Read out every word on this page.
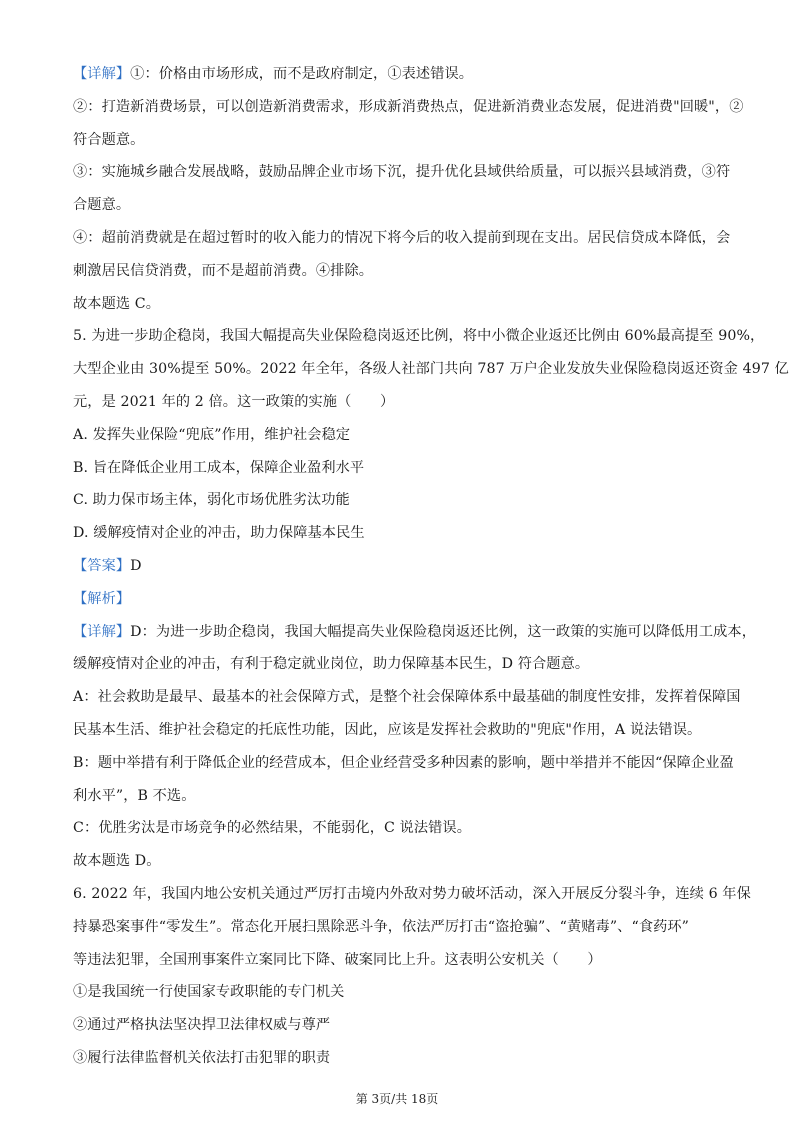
【详解】①：价格由市场形成，而不是政府制定，①表述错误。
②：打造新消费场景，可以创造新消费需求，形成新消费热点，促进新消费业态发展，促进消费"回暖"，②
符合题意。
③：实施城乡融合发展战略，鼓励品牌企业市场下沉，提升优化县域供给质量，可以振兴县域消费，③符
合题意。
④：超前消费就是在超过暂时的收入能力的情况下将今后的收入提前到现在支出。居民信贷成本降低，会
刺激居民信贷消费，而不是超前消费。④排除。
故本题选 C。
5. 为进一步助企稳岗，我国大幅提高失业保险稳岗返还比例，将中小微企业返还比例由 60%最高提至 90%，
大型企业由 30%提至 50%。2022 年全年，各级人社部门共向 787 万户企业发放失业保险稳岗返还资金 497 亿
元，是 2021 年的 2 倍。这一政策的实施（　　）
A. 发挥失业保险“兜底”作用，维护社会稳定
B. 旨在降低企业用工成本，保障企业盈利水平
C. 助力保市场主体，弱化市场优胜劣汰功能
D. 缓解疫情对企业的冲击，助力保障基本民生
【答案】D
【解析】
【详解】D：为进一步助企稳岗，我国大幅提高失业保险稳岗返还比例，这一政策的实施可以降低用工成本，
缓解疫情对企业的冲击，有利于稳定就业岗位，助力保障基本民生，D 符合题意。
A：社会救助是最早、最基本的社会保障方式，是整个社会保障体系中最基础的制度性安排，发挥着保障国
民基本生活、维护社会稳定的托底性功能，因此，应该是发挥社会救助的"兜底"作用，A 说法错误。
B：题中举措有利于降低企业的经营成本，但企业经营受多种因素的影响，题中举措并不能因“保障企业盈
利水平”，B 不选。
C：优胜劣汰是市场竞争的必然结果，不能弱化，C 说法错误。
故本题选 D。
6. 2022 年，我国内地公安机关通过严厉打击境内外敌对势力破坏活动，深入开展反分裂斗争，连续 6 年保
持暴恐案事件“零发生”。常态化开展扫黑除恶斗争，依法严厉打击“盗抢骗”、“黄赌毒”、“食药环”
等违法犯罪，全国刑事案件立案同比下降、破案同比上升。这表明公安机关（　　）
①是我国统一行使国家专政职能的专门机关
②通过严格执法坚决捍卫法律权威与尊严
③履行法律监督机关依法打击犯罪的职责
第 3页/共 18页
